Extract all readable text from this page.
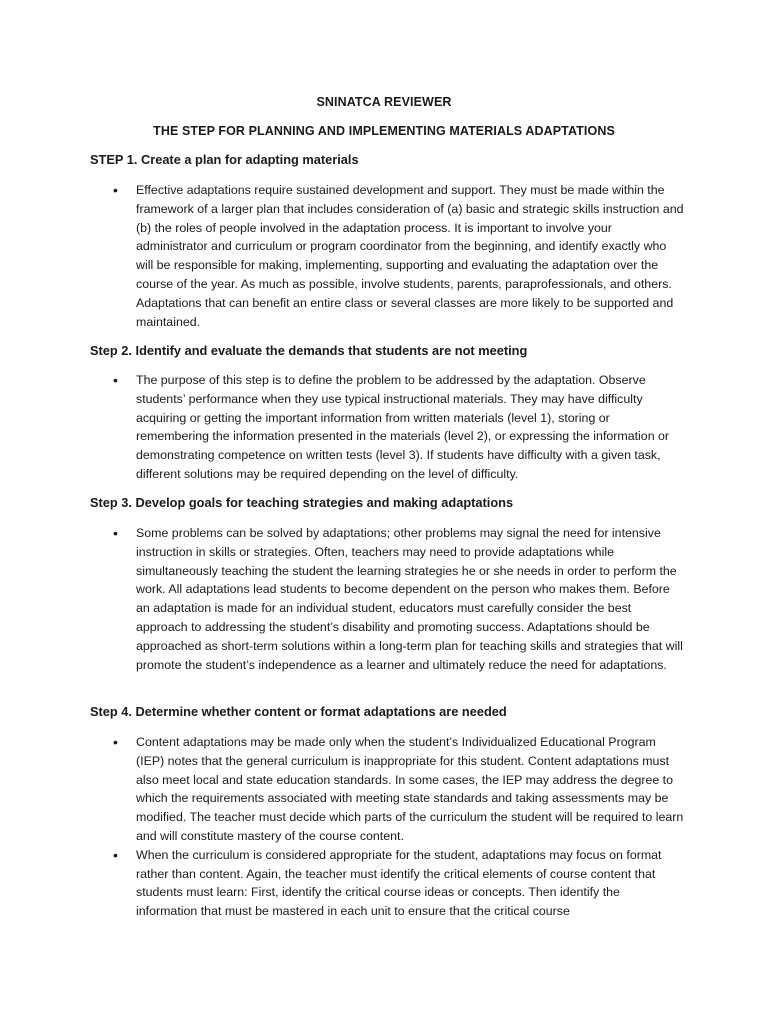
SNINATCA REVIEWER
THE STEP FOR PLANNING AND IMPLEMENTING MATERIALS ADAPTATIONS
STEP 1. Create a plan for adapting materials
• Effective adaptations require sustained development and support. They must be made within the framework of a larger plan that includes consideration of (a) basic and strategic skills instruction and (b) the roles of people involved in the adaptation process. It is important to involve your administrator and curriculum or program coordinator from the beginning, and identify exactly who will be responsible for making, implementing, supporting and evaluating the adaptation over the course of the year. As much as possible, involve students, parents, paraprofessionals, and others. Adaptations that can benefit an entire class or several classes are more likely to be supported and maintained.
Step 2. Identify and evaluate the demands that students are not meeting
• The purpose of this step is to define the problem to be addressed by the adaptation. Observe students’ performance when they use typical instructional materials. They may have difficulty acquiring or getting the important information from written materials (level 1), storing or remembering the information presented in the materials (level 2), or expressing the information or demonstrating competence on written tests (level 3). If students have difficulty with a given task, different solutions may be required depending on the level of difficulty.
Step 3. Develop goals for teaching strategies and making adaptations
• Some problems can be solved by adaptations; other problems may signal the need for intensive instruction in skills or strategies. Often, teachers may need to provide adaptations while simultaneously teaching the student the learning strategies he or she needs in order to perform the work. All adaptations lead students to become dependent on the person who makes them. Before an adaptation is made for an individual student, educators must carefully consider the best approach to addressing the student’s disability and promoting success. Adaptations should be approached as short-term solutions within a long-term plan for teaching skills and strategies that will promote the student’s independence as a learner and ultimately reduce the need for adaptations.
Step 4. Determine whether content or format adaptations are needed
• Content adaptations may be made only when the student’s Individualized Educational Program (IEP) notes that the general curriculum is inappropriate for this student. Content adaptations must also meet local and state education standards. In some cases, the IEP may address the degree to which the requirements associated with meeting state standards and taking assessments may be modified. The teacher must decide which parts of the curriculum the student will be required to learn and will constitute mastery of the course content.
• When the curriculum is considered appropriate for the student, adaptations may focus on format rather than content. Again, the teacher must identify the critical elements of course content that students must learn: First, identify the critical course ideas or concepts. Then identify the information that must be mastered in each unit to ensure that the critical course
